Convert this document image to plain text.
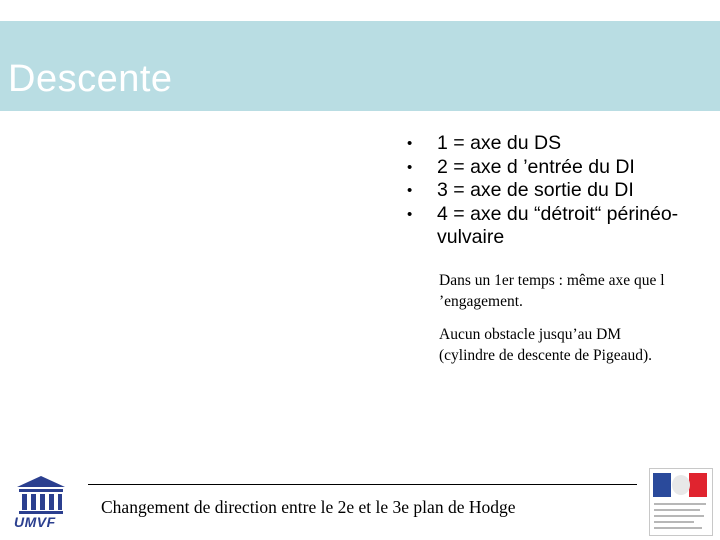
Descente
• 1 = axe du DS
• 2 = axe d ’entrée du DI
• 3 = axe de sortie du DI
• 4 = axe du “détroit“ périnéo-vulvaire
Dans un 1er temps : même axe que l ’engagement.
Aucun obstacle jusqu’au DM (cylindre de descente de Pigeaud).
Changement de direction entre le 2e et le 3e plan de Hodge
UMVF
